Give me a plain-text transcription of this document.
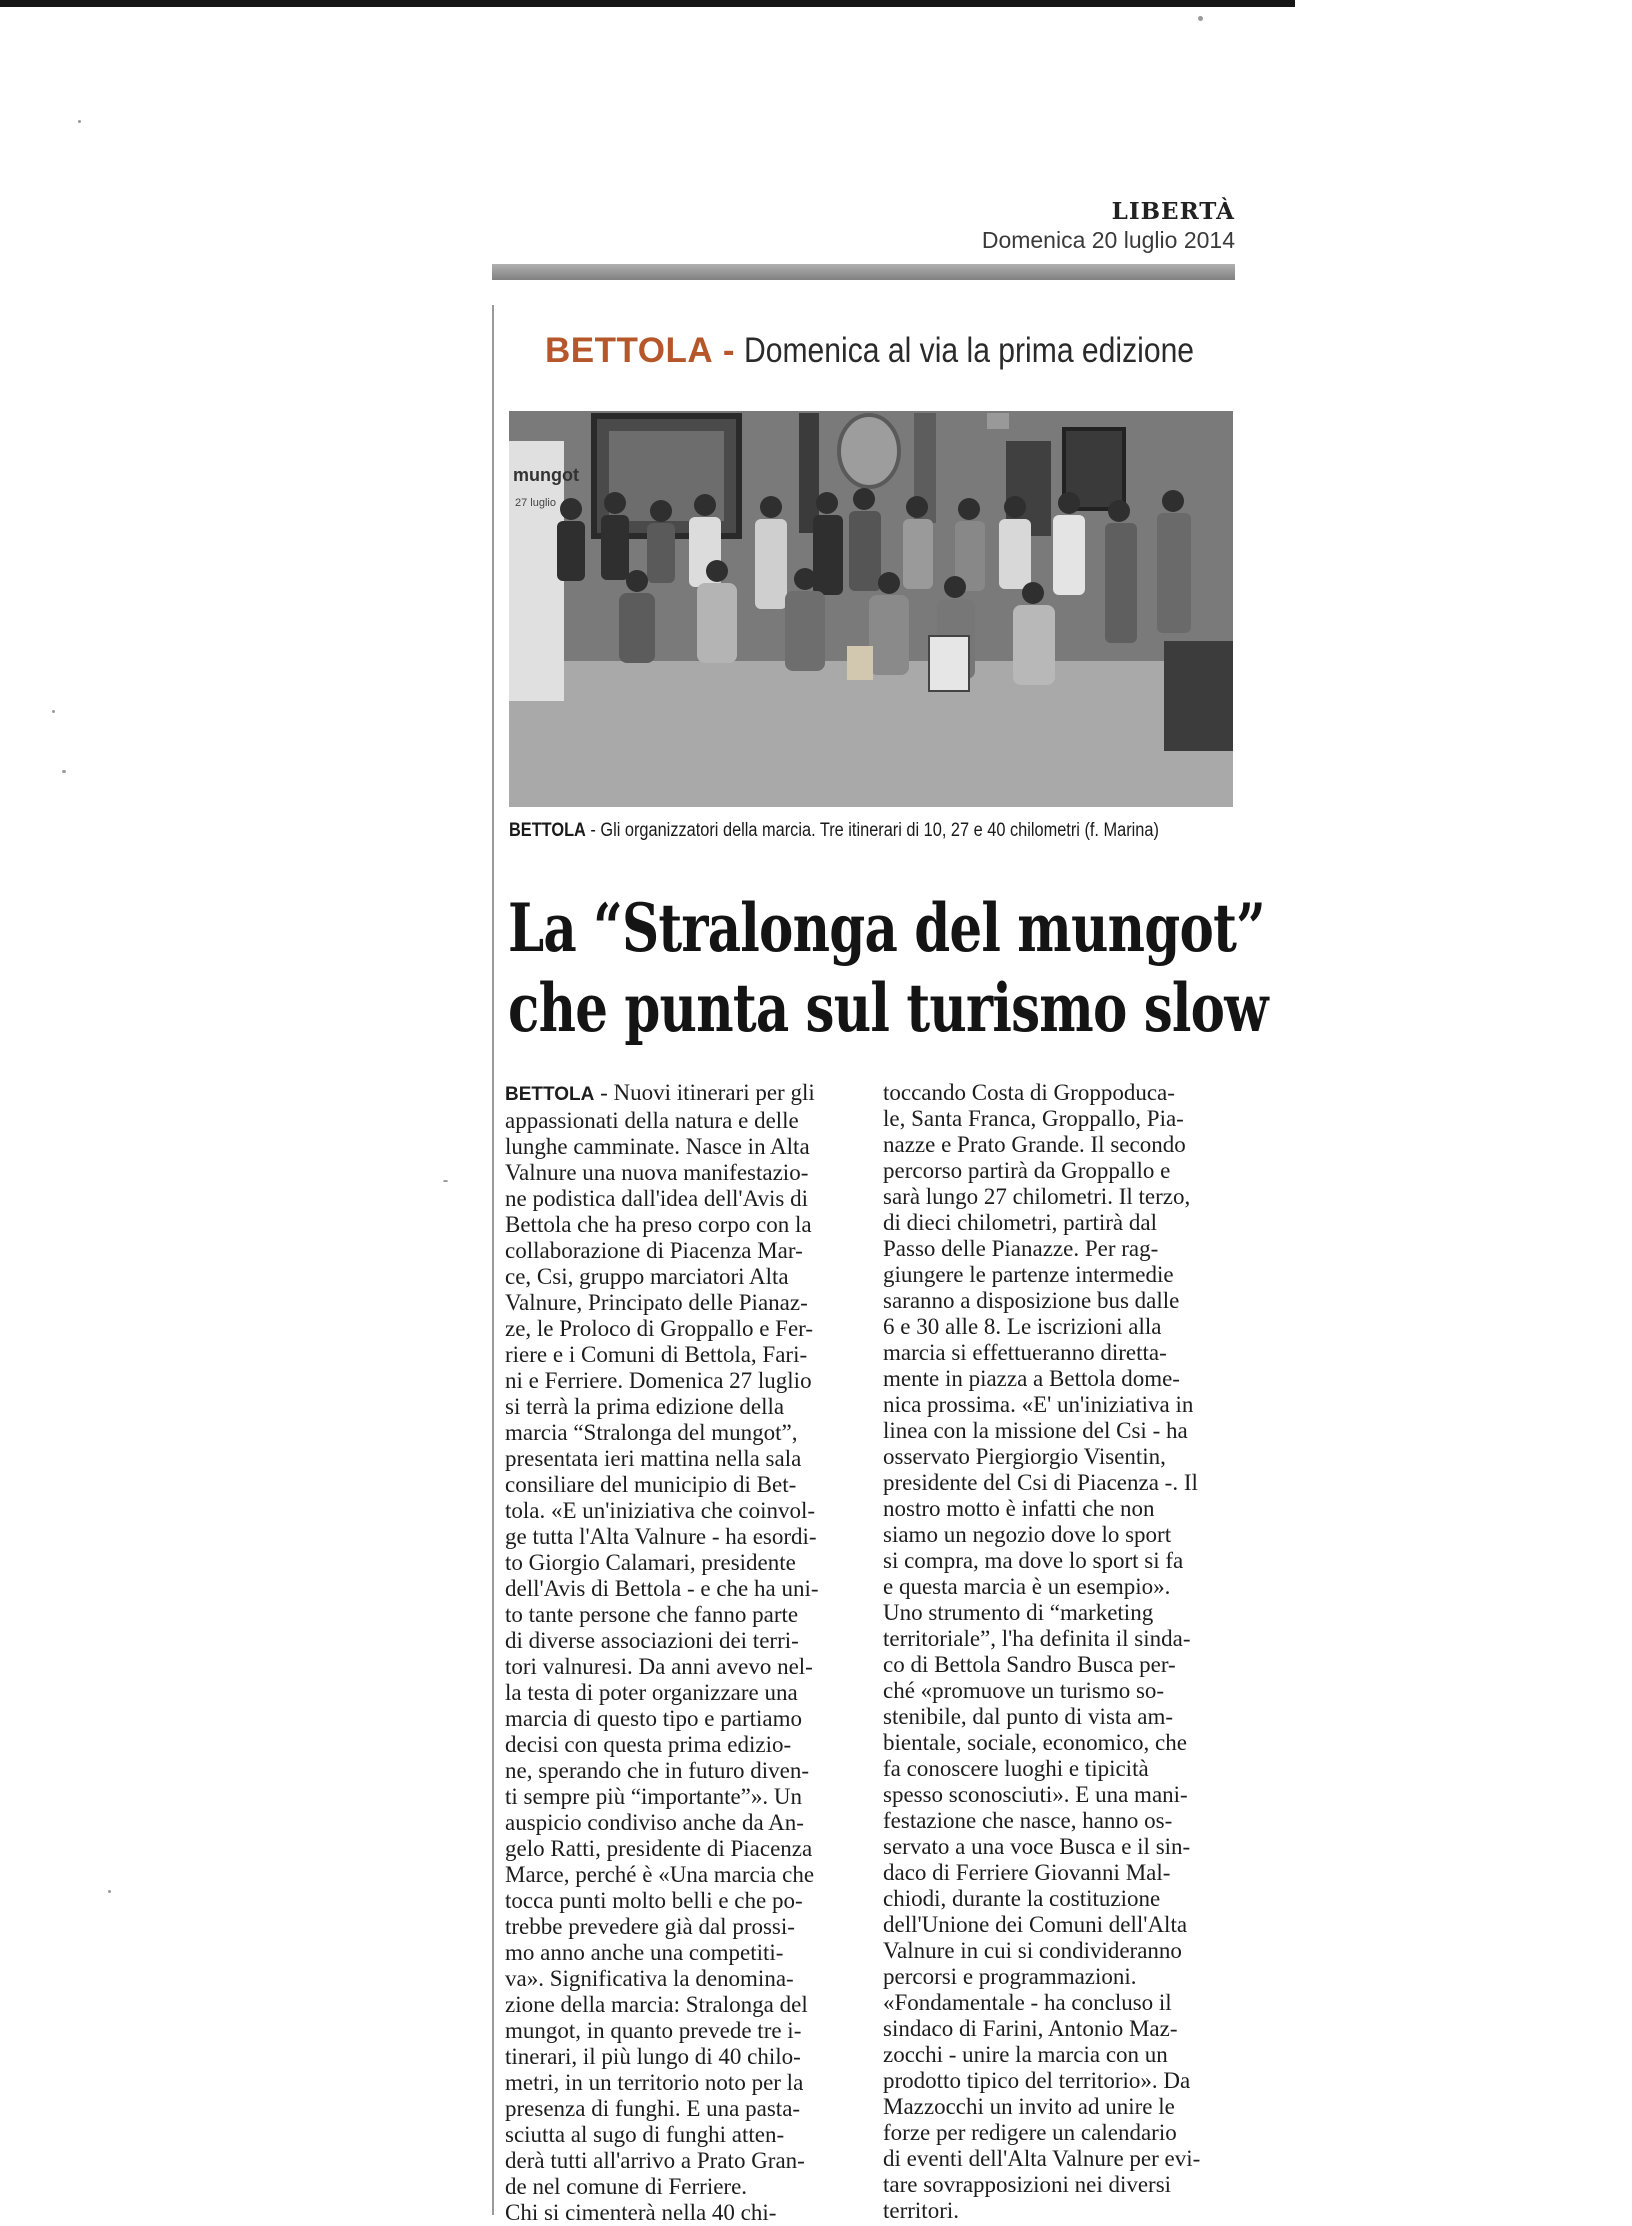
LIBERTÀ
Domenica 20 luglio 2014
BETTOLA - Domenica al via la prima edizione
mungot
27 luglio
BETTOLA - Gli organizzatori della marcia. Tre itinerari di 10, 27 e 40 chilometri (f. Marina)
La “Stralonga del mungot”
che punta sul turismo slow
BETTOLA - Nuovi itinerari per gli
appassionati della natura e delle
lunghe camminate. Nasce in Alta
Valnure una nuova manifestazio-
ne podistica dall'idea dell'Avis di
Bettola che ha preso corpo con la
collaborazione di Piacenza Mar-
ce, Csi, gruppo marciatori Alta
Valnure, Principato delle Pianaz-
ze, le Proloco di Groppallo e Fer-
riere e i Comuni di Bettola, Fari-
ni e Ferriere. Domenica 27 luglio
si terrà la prima edizione della
marcia “Stralonga del mungot”,
presentata ieri mattina nella sala
consiliare del municipio di Bet-
tola. «E un'iniziativa che coinvol-
ge tutta l'Alta Valnure - ha esordi-
to Giorgio Calamari, presidente
dell'Avis di Bettola - e che ha uni-
to tante persone che fanno parte
di diverse associazioni dei terri-
tori valnuresi. Da anni avevo nel-
la testa di poter organizzare una
marcia di questo tipo e partiamo
decisi con questa prima edizio-
ne, sperando che in futuro diven-
ti sempre più “importante”». Un
auspicio condiviso anche da An-
gelo Ratti, presidente di Piacenza
Marce, perché è «Una marcia che
tocca punti molto belli e che po-
trebbe prevedere già dal prossi-
mo anno anche una competiti-
va». Significativa la denomina-
zione della marcia: Stralonga del
mungot, in quanto prevede tre i-
tinerari, il più lungo di 40 chilo-
metri, in un territorio noto per la
presenza di funghi. E una pasta-
sciutta al sugo di funghi atten-
derà tutti all'arrivo a Prato Gran-
de nel comune di Ferriere.
Chi si cimenterà nella 40 chi-
toccando Costa di Groppoduca-
le, Santa Franca, Groppallo, Pia-
nazze e Prato Grande. Il secondo
percorso partirà da Groppallo e
sarà lungo 27 chilometri. Il terzo,
di dieci chilometri, partirà dal
Passo delle Pianazze. Per rag-
giungere le partenze intermedie
saranno a disposizione bus dalle
6 e 30 alle 8. Le iscrizioni alla
marcia si effettueranno diretta-
mente in piazza a Bettola dome-
nica prossima. «E' un'iniziativa in
linea con la missione del Csi - ha
osservato Piergiorgio Visentin,
presidente del Csi di Piacenza -. Il
nostro motto è infatti che non
siamo un negozio dove lo sport
si compra, ma dove lo sport si fa
e questa marcia è un esempio».
Uno strumento di “marketing
territoriale”, l'ha definita il sinda-
co di Bettola Sandro Busca per-
ché «promuove un turismo so-
stenibile, dal punto di vista am-
bientale, sociale, economico, che
fa conoscere luoghi e tipicità
spesso sconosciuti». E una mani-
festazione che nasce, hanno os-
servato a una voce Busca e il sin-
daco di Ferriere Giovanni Mal-
chiodi, durante la costituzione
dell'Unione dei Comuni dell'Alta
Valnure in cui si condivideranno
percorsi e programmazioni.
«Fondamentale - ha concluso il
sindaco di Farini, Antonio Maz-
zocchi - unire la marcia con un
prodotto tipico del territorio». Da
Mazzocchi un invito ad unire le
forze per redigere un calendario
di eventi dell'Alta Valnure per evi-
tare sovrapposizioni nei diversi
territori.
